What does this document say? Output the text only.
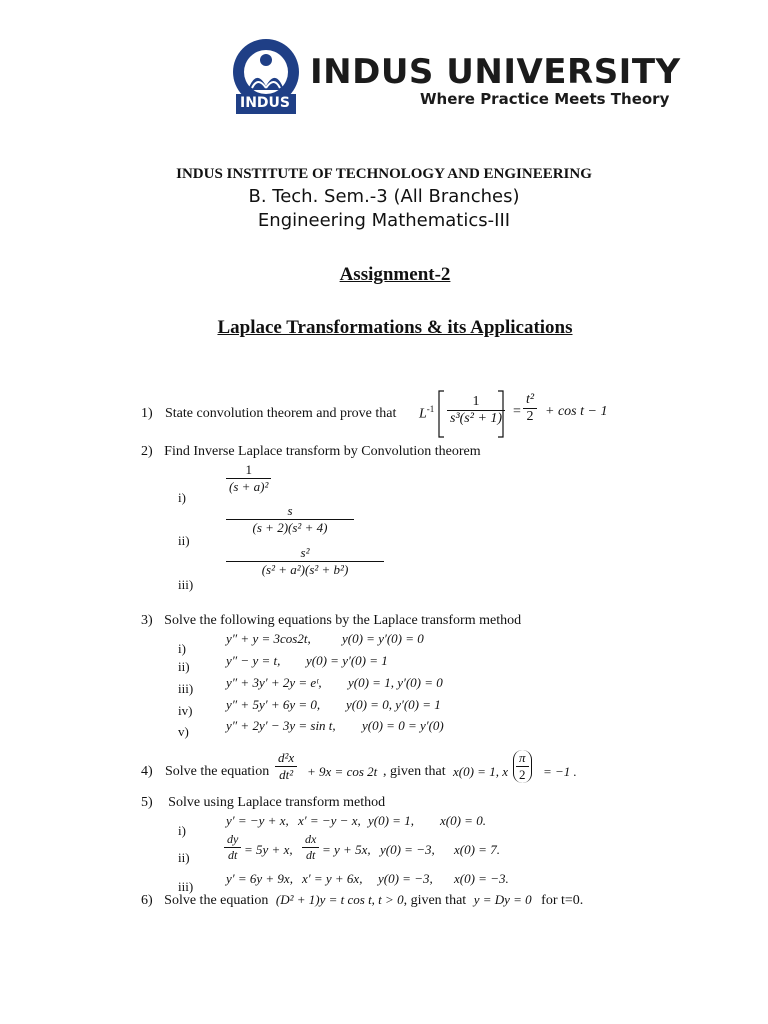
INDUS
INDUS UNIVERSITY
Where Practice Meets Theory
INDUS INSTITUTE OF TECHNOLOGY AND ENGINEERING
B. Tech. Sem.-3 (All Branches)
Engineering Mathematics-III
Assignment-2
Laplace Transformations & its Applications
1) State convolution theorem and prove that $L^{-1} \frac{1}{\text{s³(s² + 1)}} = \frac{\text{t²}}{2} + \cos t - 1$
2) Find Inverse Laplace transform by Convolution theorem
i)
$\frac{1}{\text{(s + a)²}}$
ii)
$\frac{s}{\text{(s + 2)(s² + 4)}}$
iii)
$\frac{\text{s²}}{\text{(s² + a²)(s² + b²)}}$
3) Solve the following equations by the Laplace transform method
i)
y″ + y = 3cos2t, y(0) = y′(0) = 0
ii)	y″ − y = t, y(0) = y′(0) = 1
iii)	y″ + 3y′ + 2y = eᵗ, y(0) = 1, y′(0) = 0
iv)	y″ + 5y′ + 6y = 0, y(0) = 0, y′(0) = 1
v)	y″ + 2y′ − 3y = sin t, y(0) = 0 = y′(0)
4) Solve the equation $\frac{\text{d²x}}{\text{dt²}} + 9x = \cos 2t$ , given that x(0) = 1, x $\frac{\pi}{2} = -1$ .
5) Solve using Laplace transform method
i)
y′ = −y + x, x′ = −y − x, y(0) = 1, x(0) = 0.
ii)	$\frac{dy}{dt} = 5y + x$, $\frac{dx}{dt} = y + 5x$, y(0) = −3, x(0) = 7.
iii)
y′ = 6y + 9x, x′ = y + 6x, y(0) = −3, x(0) = −3.
6) Solve the equation (D² + 1)y = t cos t, t > 0, given that y = Dy = 0 for t=0.
